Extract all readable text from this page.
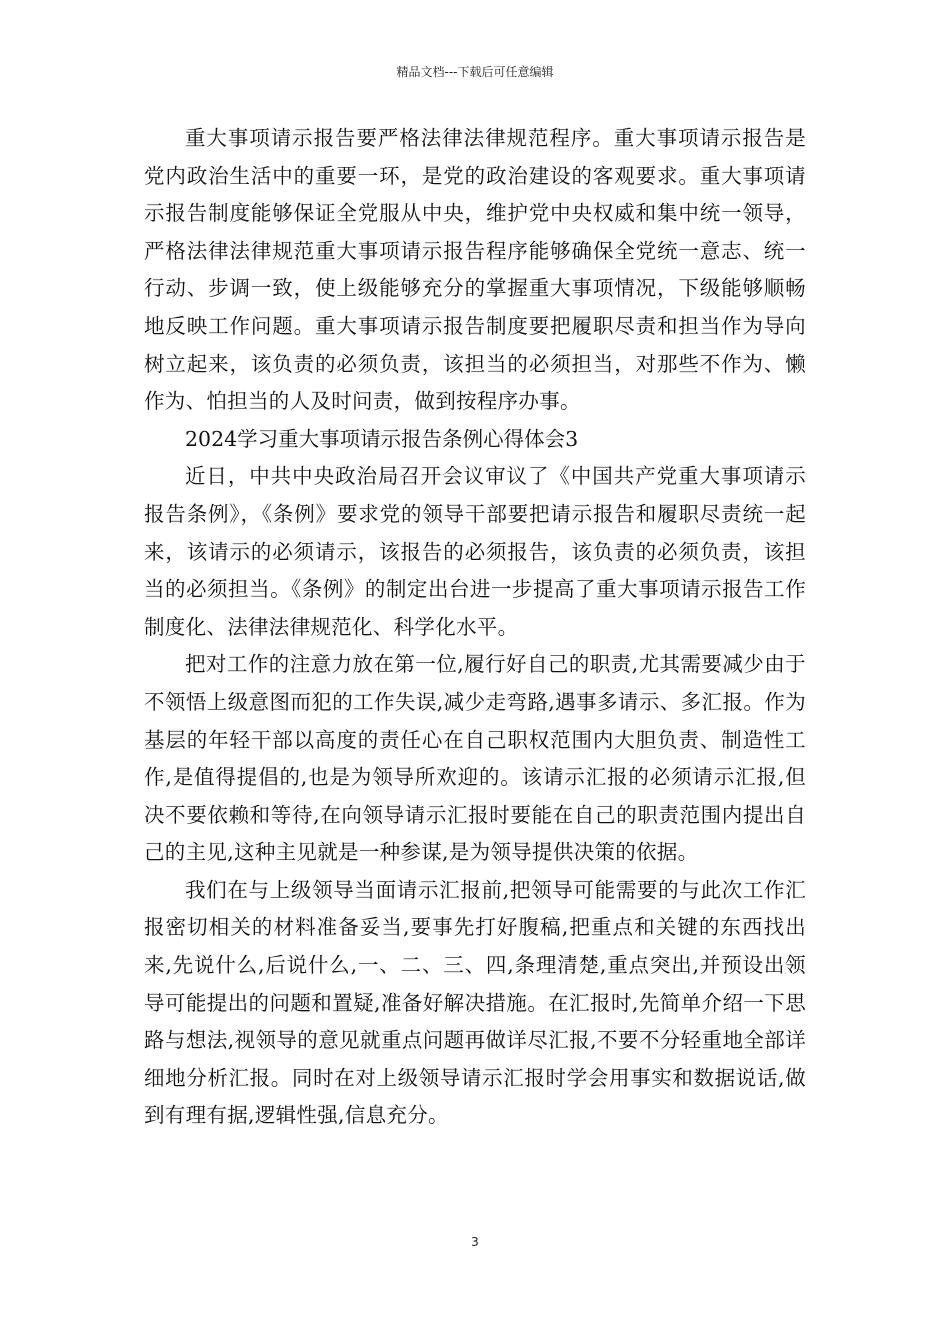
精品文档---下载后可任意编辑

重大事项请示报告要严格法律法律规范程序。重大事项请示报告是党内政治生活中的重要一环，是党的政治建设的客观要求。重大事项请示报告制度能够保证全党服从中央，维护党中央权威和集中统一领导，严格法律法律规范重大事项请示报告程序能够确保全党统一意志、统一行动、步调一致，使上级能够充分的掌握重大事项情况，下级能够顺畅地反映工作问题。重大事项请示报告制度要把履职尽责和担当作为导向树立起来，该负责的必须负责，该担当的必须担当，对那些不作为、懒作为、怕担当的人及时问责，做到按程序办事。

2024学习重大事项请示报告条例心得体会3

近日，中共中央政治局召开会议审议了《中国共产党重大事项请示报告条例》，《条例》要求党的领导干部要把请示报告和履职尽责统一起来，该请示的必须请示，该报告的必须报告，该负责的必须负责，该担当的必须担当。《条例》的制定出台进一步提高了重大事项请示报告工作制度化、法律法律规范化、科学化水平。

把对工作的注意力放在第一位,履行好自己的职责,尤其需要减少由于不领悟上级意图而犯的工作失误,减少走弯路,遇事多请示、多汇报。作为基层的年轻干部以高度的责任心在自己职权范围内大胆负责、制造性工作,是值得提倡的,也是为领导所欢迎的。该请示汇报的必须请示汇报,但决不要依赖和等待,在向领导请示汇报时要能在自己的职责范围内提出自己的主见,这种主见就是一种参谋,是为领导提供决策的依据。

我们在与上级领导当面请示汇报前,把领导可能需要的与此次工作汇报密切相关的材料准备妥当,要事先打好腹稿,把重点和关键的东西找出来,先说什么,后说什么,一、二、三、四,条理清楚,重点突出,并预设出领导可能提出的问题和置疑,准备好解决措施。在汇报时,先简单介绍一下思路与想法,视领导的意见就重点问题再做详尽汇报,不要不分轻重地全部详细地分析汇报。同时在对上级领导请示汇报时学会用事实和数据说话,做到有理有据,逻辑性强,信息充分。

3
